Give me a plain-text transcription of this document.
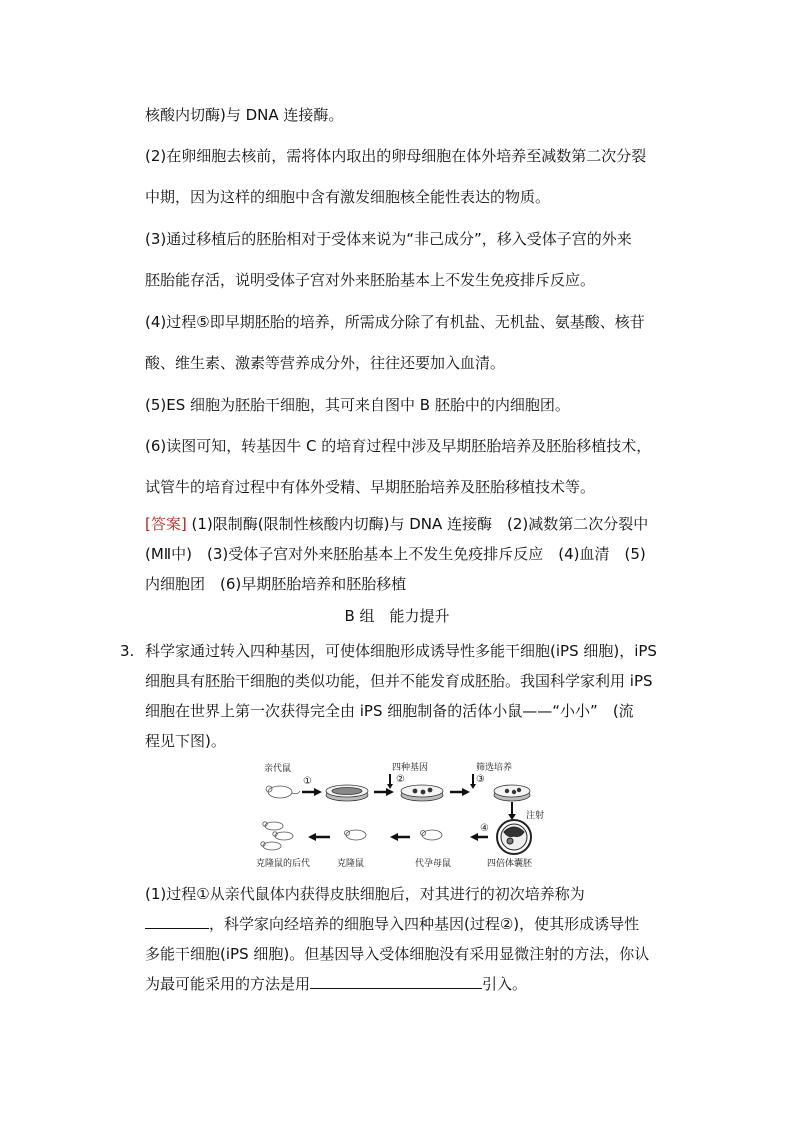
核酸内切酶)与 DNA 连接酶。
(2)在卵细胞去核前，需将体内取出的卵母细胞在体外培养至减数第二次分裂
中期，因为这样的细胞中含有激发细胞核全能性表达的物质。
(3)通过移植后的胚胎相对于受体来说为“非己成分”，移入受体子宫的外来
胚胎能存活，说明受体子宫对外来胚胎基本上不发生免疫排斥反应。
(4)过程⑤即早期胚胎的培养，所需成分除了有机盐、无机盐、氨基酸、核苷
酸、维生素、激素等营养成分外，往往还要加入血清。
(5)ES 细胞为胚胎干细胞，其可来自图中 B 胚胎中的内细胞团。
(6)读图可知，转基因牛 C 的培育过程中涉及早期胚胎培养及胚胎移植技术，
试管牛的培育过程中有体外受精、早期胚胎培养及胚胎移植技术等。
[答案] (1)限制酶(限制性核酸内切酶)与 DNA 连接酶　(2)减数第二次分裂中
(MⅡ中)　(3)受体子宫对外来胚胎基本上不发生免疫排斥反应　(4)血清　(5)
内细胞团　(6)早期胚胎培养和胚胎移植
B 组　能力提升
3. 科学家通过转入四种基因，可使体细胞形成诱导性多能干细胞(iPS 细胞)，iPS
细胞具有胚胎干细胞的类似功能，但并不能发育成胚胎。我国科学家利用 iPS
细胞在世界上第一次获得完全由 iPS 细胞制备的活体小鼠——“小小”　(流
程见下图)。
亲代鼠	四种基因	筛选培养
注射
四倍体囊胚
代孕母鼠
克隆鼠
克隆鼠的后代
①	②	③
④
(1)过程①从亲代鼠体内获得皮肤细胞后，对其进行的初次培养称为
，科学家向经培养的细胞导入四种基因(过程②)，使其形成诱导性
多能干细胞(iPS 细胞)。但基因导入受体细胞没有采用显微注射的方法，你认
为最可能采用的方法是用	引入。
